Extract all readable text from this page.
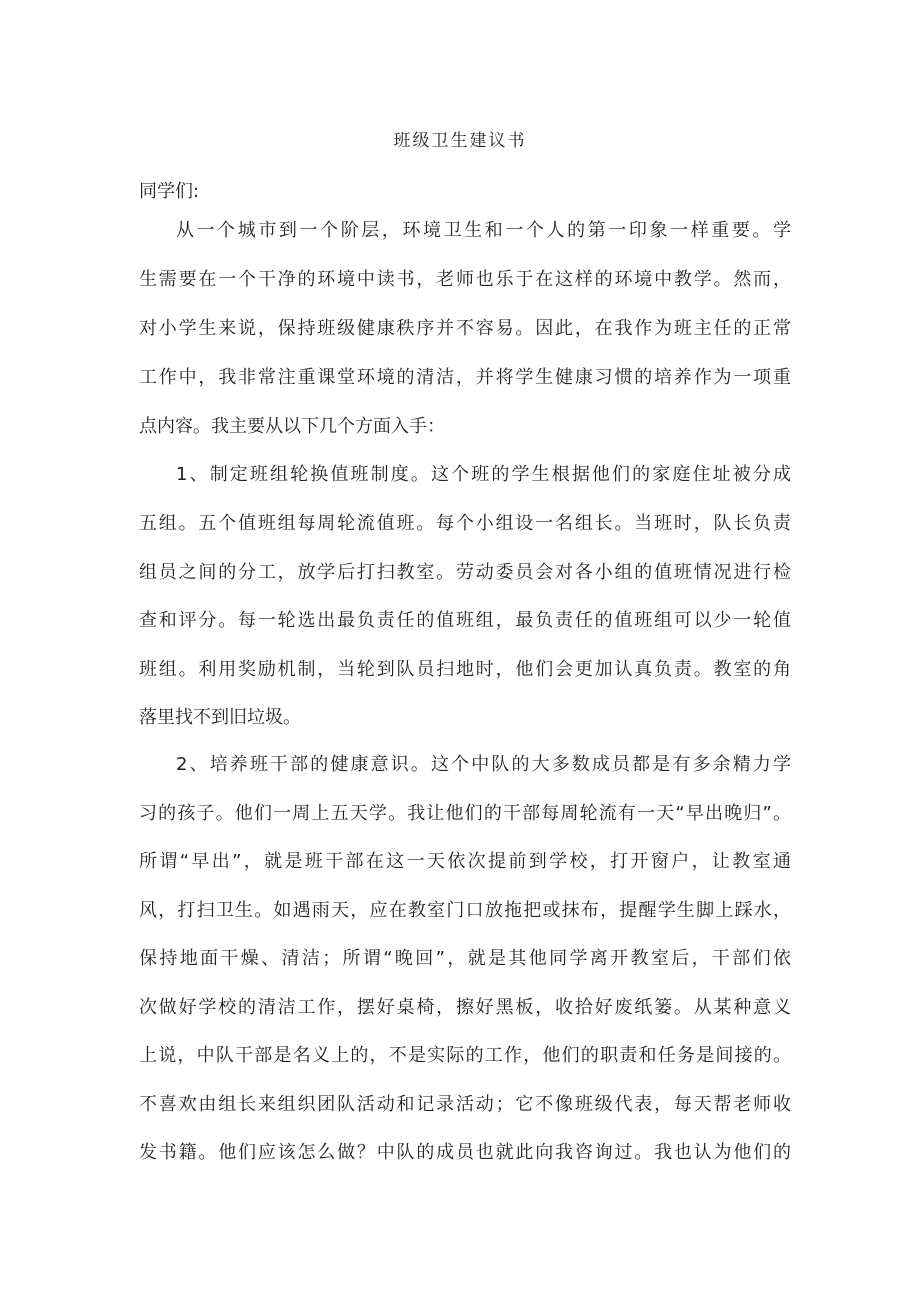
班级卫生建议书
同学们:
从一个城市到一个阶层，环境卫生和一个人的第一印象一样重要。学
生需要在一个干净的环境中读书，老师也乐于在这样的环境中教学。然而，
对小学生来说，保持班级健康秩序并不容易。因此，在我作为班主任的正常
工作中，我非常注重课堂环境的清洁，并将学生健康习惯的培养作为一项重
点内容。我主要从以下几个方面入手：
1、制定班组轮换值班制度。这个班的学生根据他们的家庭住址被分成
五组。五个值班组每周轮流值班。每个小组设一名组长。当班时，队长负责
组员之间的分工，放学后打扫教室。劳动委员会对各小组的值班情况进行检
查和评分。每一轮选出最负责任的值班组，最负责任的值班组可以少一轮值
班组。利用奖励机制，当轮到队员扫地时，他们会更加认真负责。教室的角
落里找不到旧垃圾。
2、培养班干部的健康意识。这个中队的大多数成员都是有多余精力学
习的孩子。他们一周上五天学。我让他们的干部每周轮流有一天“早出晚归”。
所谓“早出”，就是班干部在这一天依次提前到学校，打开窗户，让教室通
风，打扫卫生。如遇雨天，应在教室门口放拖把或抹布，提醒学生脚上踩水，
保持地面干燥、清洁；所谓“晚回”，就是其他同学离开教室后，干部们依
次做好学校的清洁工作，摆好桌椅，擦好黑板，收拾好废纸篓。从某种意义
上说，中队干部是名义上的，不是实际的工作，他们的职责和任务是间接的。
不喜欢由组长来组织团队活动和记录活动；它不像班级代表，每天帮老师收
发书籍。他们应该怎么做？中队的成员也就此向我咨询过。我也认为他们的
